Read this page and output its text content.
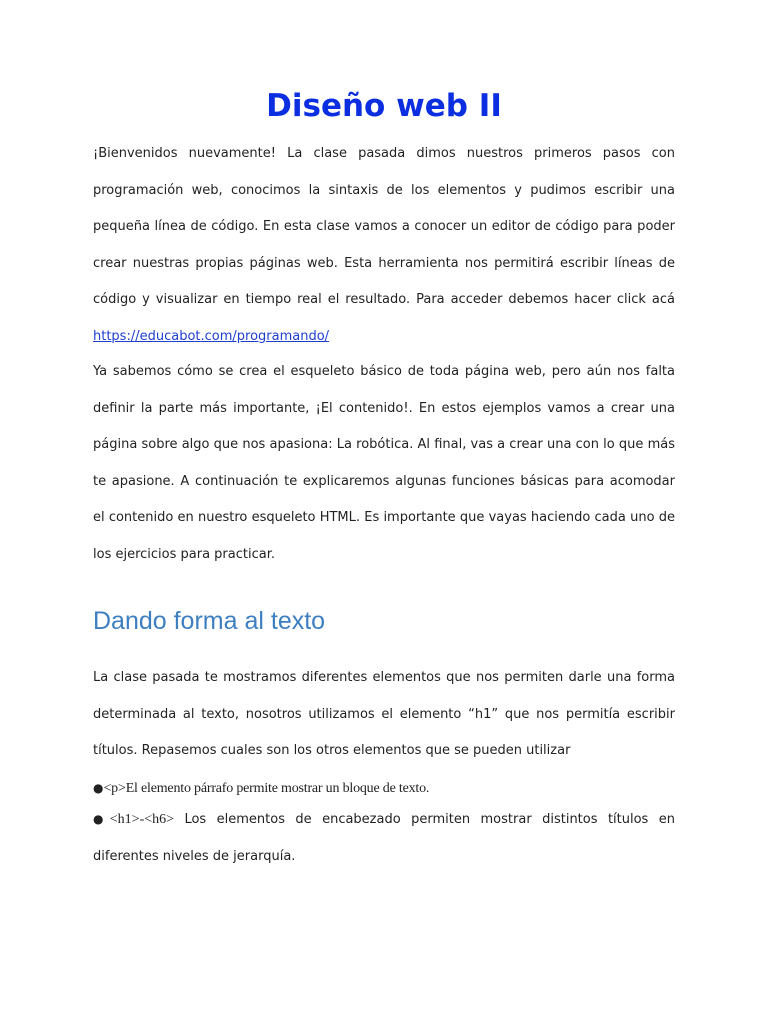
Diseño web II

¡Bienvenidos nuevamente! La clase pasada dimos nuestros primeros pasos con programación web, conocimos la sintaxis de los elementos y pudimos escribir una pequeña línea de código. En esta clase vamos a conocer un editor de código para poder crear nuestras propias páginas web. Esta herramienta nos permitirá escribir líneas de código y visualizar en tiempo real el resultado. Para acceder debemos hacer click acá https://educabot.com/programando/

Ya sabemos cómo se crea el esqueleto básico de toda página web, pero aún nos falta definir la parte más importante, ¡El contenido!. En estos ejemplos vamos a crear una página sobre algo que nos apasiona: La robótica. Al final, vas a crear una con lo que más te apasione. A continuación te explicaremos algunas funciones básicas para acomodar el contenido en nuestro esqueleto HTML. Es importante que vayas haciendo cada uno de los ejercicios para practicar.

Dando forma al texto

La clase pasada te mostramos diferentes elementos que nos permiten darle una forma determinada al texto, nosotros utilizamos el elemento “h1” que nos permitía escribir títulos. Repasemos cuales son los otros elementos que se pueden utilizar

●<p>El elemento párrafo permite mostrar un bloque de texto.

●<h1>-<h6> Los elementos de encabezado permiten mostrar distintos títulos en diferentes niveles de jerarquía.
